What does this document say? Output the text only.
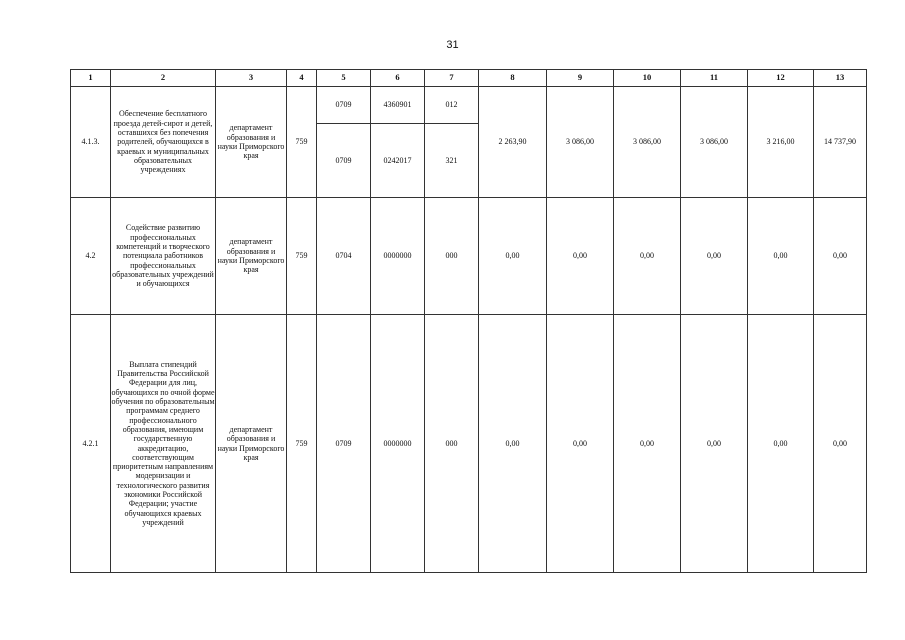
31
1	2	3	4	5	6	7	8	9	10	11	12	13
4.1.3.	Обеспечение бесплатного проезда детей-сирот и детей, оставшихся без попечения родителей, обучающихся в краевых и муниципальных образовательных учреждениях	департамент образования и науки Приморского края	759	0709	4360901	012	2 263,90	3 086,00	3 086,00	3 086,00	3 216,00	14 737,90
				0709	0242017	321						
4.2	Содействие развитию профессиональных компетенций и творческого потенциала работников профессиональных образовательных учреждений и обучающихся	департамент образования и науки Приморского края	759	0704	0000000	000	0,00	0,00	0,00	0,00	0,00	0,00
4.2.1	Выплата стипендий Правительства Российской Федерации для лиц, обучающихся по очной форме обучения по образовательным программам среднего профессионального образования, имеющим государственную аккредитацию, соответствующим приоритетным направлениям модернизации и технологического развития экономики Российской Федерации; участие обучающихся краевых учреждений	департамент образования и науки Приморского края	759	0709	0000000	000	0,00	0,00	0,00	0,00	0,00	0,00
